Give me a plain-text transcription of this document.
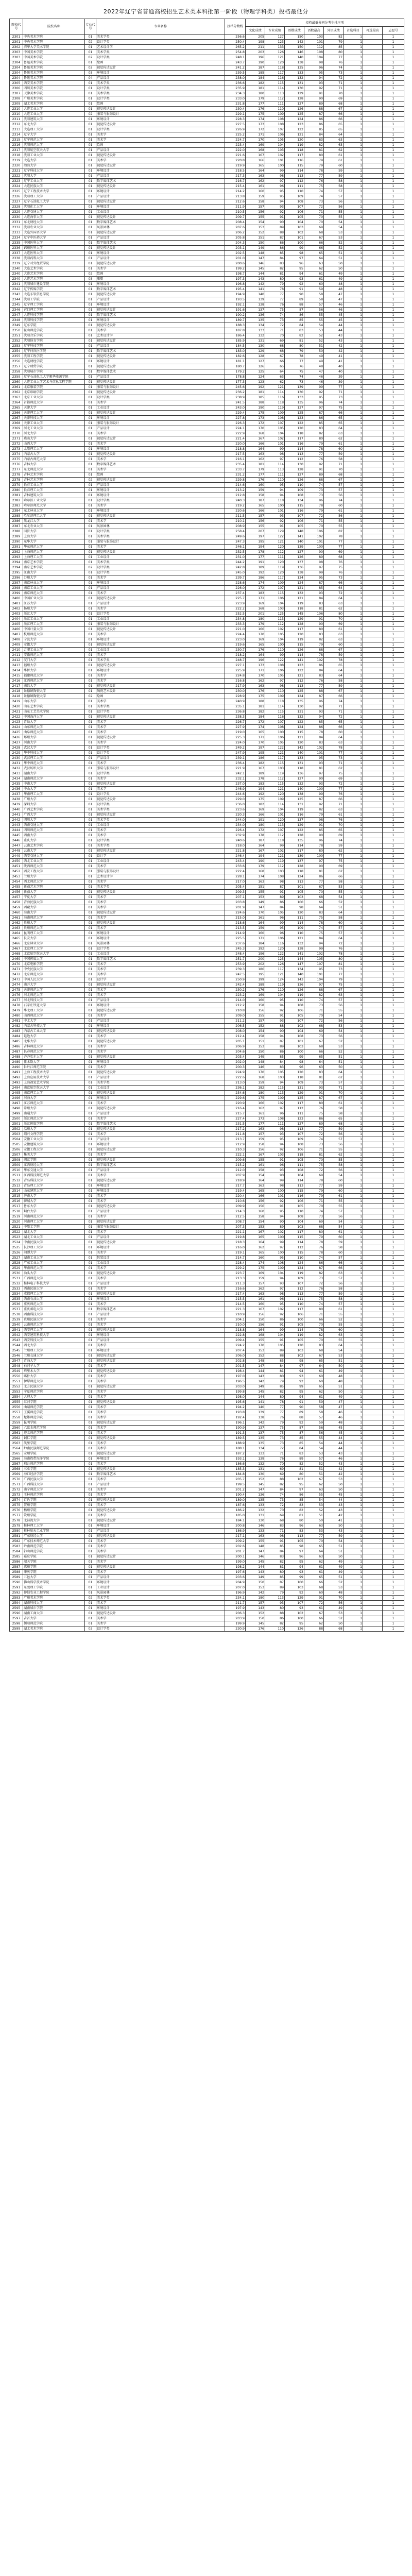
2022年辽宁省普通高校招生艺术类本科批第一阶段（物理学科类）投档最低分
院校代号	院校名称	专业代号	专业名称	投档分数线	投档最低分同分考生排序项							
					文化成绩	专业成绩	语数成绩	语数最高	外语成绩	首选科目	再选最高	志愿号
2301	中央美术学院	01	美术学类	256.6	205	127	150	103	82	1		1
2301	中央美术学院	02	设计学类	250.4	198	123	142	101	79	1		1
2302	清华大学美术学院	01	艺术设计学	265.2	211	133	150	112	85	1		1
2303	中国美术学院	01	美术学类	254.8	203	126	146	108	80	1		1
2303	中国美术学院	02	设计学类	248.1	196	121	140	104	77	1		1
2304	鲁迅美术学院	01	绘画	243.7	190	120	138	98	76	1		1
2304	鲁迅美术学院	02	视觉传达设计	241.2	187	118	135	96	74	1		1
2304	鲁迅美术学院	03	环境设计	239.5	185	117	133	95	73	1		1
2304	鲁迅美术学院	04	产品设计	238.0	184	116	132	94	72	1		1
2305	西安美术学院	01	美术学类	236.6	182	115	131	93	71	1		1
2306	四川美术学院	01	设计学类	235.9	181	114	130	92	71	1		1
2307	天津美术学院	01	美术学类	234.3	180	113	129	91	70	1		1
2308	广州美术学院	01	设计学类	233.0	179	112	128	90	69	1		1
2309	湖北美术学院	01	绘画	231.8	177	111	127	89	68	1		1
2310	大连工业大学	01	视觉传达设计	230.4	176	110	126	88	67	1		1
2310	大连工业大学	02	服装与服饰设计	229.1	175	109	125	87	66	1		1
2311	沈阳建筑大学	01	环境设计	228.3	174	108	124	86	66	1		1
2312	东北大学	01	视觉传达设计	227.5	173	108	123	86	65	1		1
2313	大连理工大学	01	设计学类	226.9	172	107	122	85	65	1		1
2314	辽宁大学	01	美术学	225.2	171	106	121	84	64	1		1
2315	辽宁师范大学	01	美术学	224.7	170	105	120	83	63	1		1
2316	沈阳师范大学	01	绘画	223.4	169	104	119	82	63	1		1
2317	沈阳航空航天大学	01	产品设计	222.0	168	103	118	81	62	1		1
2318	沈阳工业大学	01	视觉传达设计	221.6	167	102	117	80	61	1		1
2319	大连大学	01	美术学	220.8	166	101	116	79	61	1		1
2320	渤海大学	01	视觉传达设计	219.9	165	100	115	79	60	1		1
2321	辽宁科技大学	01	环境设计	218.5	164	99	114	78	59	1		1
2322	沈阳大学	01	产品设计	217.3	163	98	113	77	59	1		1
2323	辽宁工业大学	01	数字媒体艺术	216.7	162	97	112	76	58	1		1
2324	大连民族大学	01	视觉传达设计	215.4	161	96	111	75	58	1		1
2325	辽宁工程技术大学	01	环境设计	214.2	160	95	110	74	57	1		1
2326	沈阳理工大学	01	产品设计	213.8	159	95	109	74	57	1		1
2327	辽宁石油化工大学	01	视觉传达设计	212.6	158	94	108	73	56	1		1
2328	沈阳化工大学	01	环境设计	211.9	157	93	107	72	56	1		1
2329	大连交通大学	01	工业设计	210.5	156	92	106	71	55	1		1
2330	大连海事大学	01	视觉传达设计	209.7	155	91	105	70	55	1		1
2331	东北财经大学	01	数字媒体艺术	208.4	154	90	104	70	54	1		1
2332	沈阳农业大学	01	风景园林	207.6	153	89	103	69	54	1		1
2333	大连外国语大学	01	视觉传达设计	206.2	152	88	102	68	53	1		1
2334	辽宁中医药大学	01	产品设计	205.8	151	87	101	67	53	1		1
2335	中国医科大学	01	数字媒体艺术	204.3	150	86	100	66	52	1		1
2336	锦州医科大学	01	视觉传达设计	203.1	149	86	99	66	52	1		1
2337	大连医科大学	01	环境设计	202.5	148	85	98	65	51	1		1
2338	沈阳药科大学	01	产品设计	201.0	147	84	97	64	51	1		1
2339	辽宁对外经贸学院	01	视觉传达设计	200.6	146	83	96	63	50	1		1
2340	大连艺术学院	01	美术学	199.2	145	82	95	62	50	1		1
2340	大连艺术学院	02	绘画	198.7	144	81	94	61	49	1		1
2340	大连艺术学院	03	雕塑	197.3	143	80	93	61	49	1		1
2341	沈阳城市建设学院	01	环境设计	196.8	142	79	92	60	48	1		1
2342	辽宁传媒学院	01	数字媒体艺术	195.4	141	78	91	59	48	1		1
2343	大连东软信息学院	01	视觉传达设计	194.9	140	77	90	58	47	1		1
2344	沈阳工学院	01	产品设计	193.5	139	77	89	58	47	1		1
2345	辽宁理工学院	01	环境设计	192.1	138	76	88	57	46	1		1
2346	营口理工学院	01	视觉传达设计	191.6	137	75	87	56	46	1		1
2347	大连科技学院	01	数字媒体艺术	190.2	136	74	86	55	45	1		1
2348	沈阳科技学院	01	环境设计	189.7	135	73	85	55	45	1		1
2349	辽东学院	01	视觉传达设计	188.3	134	72	84	54	44	1		1
2350	鞍山师范学院	01	美术学	187.8	133	71	83	53	44	1		1
2351	沈阳音乐学院	01	艺术设计学	186.4	132	70	82	52	43	1		1
2352	沈阳体育学院	01	视觉传达设计	185.9	131	69	81	52	43	1		1
2353	辽宁科技学院	01	产品设计	184.5	130	68	80	51	42	1		1
2354	辽宁何氏医学院	01	数字媒体艺术	183.0	129	68	79	50	42	1		1
2355	沈阳工程学院	01	视觉传达设计	182.6	128	67	78	49	41	1		1
2356	大连财经学院	01	环境设计	181.1	127	66	77	49	41	1		1
2357	辽宁财贸学院	01	视觉传达设计	180.7	126	65	76	48	40	1		1
2358	沈阳城市学院	01	数字媒体艺术	179.2	125	64	75	47	40	1		1
2359	辽宁石油化工大学顺华能源学院	01	产品设计	178.8	124	63	74	46	39	1		1
2360	大连工业大学艺术与信息工程学院	01	视觉传达设计	177.3	123	62	73	46	39	1		1
2361	北京服装学院	01	服装与服饰设计	245.6	192	121	139	99	77	1		1
2362	北京印刷学院	01	视觉传达设计	236.2	181	114	130	92	71	1		1
2363	北京工业大学	01	设计学类	238.9	185	116	133	95	73	1		1
2364	首都师范大学	01	美术学	241.5	188	118	135	96	74	1		1
2365	天津大学	01	工业设计	243.0	190	119	137	97	75	1		1
2366	天津理工大学	01	视觉传达设计	229.4	175	109	125	87	66	1		1
2367	天津科技大学	01	环境设计	227.8	173	108	123	86	65	1		1
2368	天津工业大学	01	服装与服饰设计	226.3	172	107	122	85	65	1		1
2369	河北工业大学	01	产品设计	224.1	170	105	120	83	64	1		1
2370	河北大学	01	美术学	222.9	168	104	118	82	63	1		1
2371	燕山大学	01	视觉传达设计	221.4	167	102	117	80	62	1		1
2372	山西大学	01	美术学	220.0	166	101	116	79	61	1		1
2373	太原理工大学	01	环境设计	218.8	164	99	114	78	60	1		1
2374	内蒙古大学	01	视觉传达设计	217.5	163	98	113	77	59	1		1
2375	内蒙古师范大学	01	美术学	216.1	162	97	112	76	58	1		1
2376	吉林大学	01	数字媒体艺术	235.4	181	114	130	92	71	1		1
2377	东北师范大学	01	美术学	233.7	179	113	128	91	70	1		1
2378	吉林艺术学院	01	绘画	231.2	177	111	127	89	68	1		1
2378	吉林艺术学院	02	视觉传达设计	229.8	176	110	126	88	67	1		1
2379	长春工业大学	01	产品设计	214.6	160	95	110	74	57	1		1
2380	长春理工大学	01	环境设计	213.2	159	94	109	73	57	1		1
2381	吉林建筑大学	01	环境设计	212.8	158	94	108	73	56	1		1
2382	哈尔滨工业大学	01	设计学类	240.3	187	118	134	96	74	1		1
2383	哈尔滨师范大学	01	美术学	219.2	165	100	115	78	60	1		1
2384	东北林业大学	01	环境设计	220.6	166	101	116	79	61	1		1
2385	哈尔滨理工大学	01	视觉传达设计	211.5	157	93	107	72	56	1		1
2386	黑龙江大学	01	美术学	210.1	156	92	106	71	55	1		1
2387	东北农业大学	01	风景园林	208.9	155	91	105	70	55	1		1
2388	同济大学	01	设计学类	258.4	207	129	148	106	82	1		1
2389	上海大学	01	美术学类	249.6	197	122	141	102	78	1		1
2390	东华大学	01	服装与服饰设计	247.3	195	121	140	101	77	1		1
2391	华东师范大学	01	美术学	246.1	194	120	139	100	77	1		1
2392	上海师范大学	01	视觉传达设计	232.5	178	112	127	90	69	1		1
2393	上海理工大学	01	工业设计	231.0	177	111	126	89	68	1		1
2394	南京艺术学院	01	美术学类	244.2	191	120	137	98	76	1		1
2394	南京艺术学院	02	设计学类	242.8	189	119	136	97	75	1		1
2395	江南大学	01	设计学类	245.0	192	120	138	99	76	1		1
2396	苏州大学	01	美术学	239.7	186	117	134	95	73	1		1
2397	南京林业大学	01	环境设计	228.6	174	109	124	87	66	1		1
2398	南京工业大学	01	产品设计	226.0	172	107	121	85	64	1		1
2399	南京师范大学	01	美术学	237.4	183	115	132	93	72	1		1
2400	中国矿业大学	01	视觉传达设计	225.7	171	106	121	84	64	1		1
2401	江苏大学	01	产品设计	223.9	169	104	119	83	63	1		1
2402	扬州大学	01	美术学	222.2	168	103	118	81	62	1		1
2403	浙江大学	01	设计学类	252.5	201	125	145	106	80	1		1
2404	浙江工业大学	01	工业设计	234.8	180	113	129	91	70	1		1
2405	浙江理工大学	01	服装与服饰设计	233.3	179	112	128	90	69	1		1
2406	中国计量大学	01	视觉传达设计	221.0	166	102	117	80	61	1		1
2407	杭州师范大学	01	美术学	224.4	170	105	120	83	63	1		1
2408	宁波大学	01	环境设计	223.0	169	104	119	82	63	1		1
2409	安徽大学	01	视觉传达设计	219.6	165	100	115	79	60	1		1
2410	合肥工业大学	01	工业设计	230.7	176	110	126	88	67	1		1
2411	安徽师范大学	01	美术学	218.2	164	99	114	78	59	1		1
2412	厦门大学	01	美术学类	248.7	196	122	141	102	78	1		1
2413	福州大学	01	视觉传达设计	227.1	173	108	123	86	65	1		1
2414	华侨大学	01	环境设计	225.9	171	106	122	84	64	1		1
2415	福建师范大学	01	美术学	224.8	170	105	121	83	64	1		1
2416	江西师范大学	01	美术学	216.8	162	97	112	76	58	1		1
2417	南昌大学	01	视觉传达设计	217.9	163	98	113	77	59	1		1
2418	景德镇陶瓷大学	01	陶瓷艺术设计	230.0	176	110	125	88	67	1		1
2418	景德镇陶瓷大学	02	绘画	228.9	175	109	124	87	66	1		1
2419	山东大学	01	美术学	240.9	188	118	135	96	74	1		1
2420	山东艺术学院	01	美术学类	235.1	181	114	130	92	71	1		1
2421	山东工艺美术学院	01	设计学类	236.8	182	115	131	93	71	1		1
2422	中国海洋大学	01	视觉传达设计	238.3	184	116	132	94	72	1		1
2423	青岛大学	01	美术学	226.7	172	107	122	85	65	1		1
2424	山东师范大学	01	美术学	227.9	174	108	124	86	66	1		1
2425	曲阜师范大学	01	美术学	219.0	165	100	115	78	60	1		1
2426	郑州大学	01	视觉传达设计	225.3	171	106	121	84	64	1		1
2427	河南大学	01	美术学	224.0	170	105	120	83	63	1		1
2428	武汉大学	01	设计学类	249.2	197	122	142	102	78	1		1
2429	华中科技大学	01	设计学类	247.9	195	121	140	101	77	1		1
2430	武汉理工大学	01	产品设计	239.1	186	117	133	95	73	1		1
2431	华中师范大学	01	美术学	236.4	182	115	131	93	71	1		1
2432	武汉纺织大学	01	服装与服饰设计	221.9	167	103	118	81	62	1		1
2433	湖南大学	01	设计学类	242.1	189	119	136	97	75	1		1
2434	湖南师范大学	01	美术学	232.1	178	112	127	90	69	1		1
2435	中南大学	01	视觉传达设计	237.0	183	115	132	93	72	1		1
2436	中山大学	01	美术学	246.9	194	121	140	100	77	1		1
2437	华南理工大学	01	设计学类	244.6	192	120	138	99	76	1		1
2438	广州大学	01	视觉传达设计	229.0	175	109	125	87	66	1		1
2439	深圳大学	01	设计学类	236.0	182	114	131	92	71	1		1
2440	广西艺术学院	01	美术学类	223.6	169	104	119	82	63	1		1
2441	广西大学	01	视觉传达设计	220.3	166	101	116	79	61	1		1
2442	四川大学	01	美术学类	244.0	191	120	137	98	76	1		1
2443	西南交通大学	01	工业设计	234.0	180	113	129	91	70	1		1
2444	四川师范大学	01	美术学	226.4	172	107	122	85	65	1		1
2445	西南大学	01	美术学	232.9	178	112	128	90	69	1		1
2446	重庆大学	01	设计学类	240.6	187	118	135	96	74	1		1
2447	云南艺术学院	01	美术学类	218.0	164	99	114	78	59	1		1
2448	云南大学	01	视觉传达设计	221.8	167	102	117	80	62	1		1
2449	西安交通大学	01	设计学	246.4	194	121	139	100	77	1		1
2450	西北工业大学	01	工业设计	243.4	190	119	137	97	75	1		1
2451	陕西师范大学	01	美术学	233.6	179	112	128	90	69	1		1
2452	西安工程大学	01	服装与服饰设计	222.4	168	103	118	81	62	1		1
2453	兰州大学	01	艺术设计学	228.1	174	108	124	86	66	1		1
2454	西北师范大学	01	美术学	217.0	163	98	113	77	58	1		1
2455	新疆艺术学院	01	美术学类	205.4	151	87	101	67	53	1		1
2456	新疆大学	01	视觉传达设计	209.3	155	91	105	70	55	1		1
2457	宁夏大学	01	美术学	207.1	153	89	103	68	54	1		1
2458	青海民族大学	01	美术学	203.8	149	86	100	66	52	1		1
2459	西藏大学	01	美术学	201.9	147	84	98	64	51	1		1
2460	海南大学	01	视觉传达设计	224.6	170	105	120	83	64	1		1
2461	海南师范大学	01	美术学	215.0	161	96	111	75	58	1		1
2462	贵州大学	01	视觉传达设计	218.6	164	99	114	78	60	1		1
2463	贵州师范大学	01	美术学	213.5	159	95	109	74	57	1		1
2464	昆明理工大学	01	环境设计	214.9	160	96	110	75	57	1		1
2465	长安大学	01	环境设计	225.5	171	106	121	84	64	1		1
2466	北京林业大学	01	风景园林	237.6	184	116	132	94	72	1		1
2467	北京理工大学	01	设计学类	245.3	192	120	138	99	76	1		1
2468	北京航空航天大学	01	工业设计	248.4	196	122	141	102	78	1		1
2469	中国传媒大学	01	数字媒体艺术	251.7	200	125	144	105	80	1		1
2470	北京电影学院	01	美术学	253.9	202	126	147	107	81	1		1
2471	中央民族大学	01	美术学	239.3	186	117	134	95	73	1		1
2472	北京师范大学	01	美术学	247.5	195	121	140	101	77	1		1
2473	中国人民大学	01	设计学	250.9	199	124	143	104	79	1		1
2474	南开大学	01	视觉传达设计	242.4	189	119	136	97	75	1		1
2475	天津师范大学	01	美术学	230.2	176	110	126	88	67	1		1
2476	河北师范大学	01	美术学	223.2	169	104	119	82	63	1		1
2477	河北科技大学	01	产品设计	214.0	160	95	110	74	57	1		1
2478	石家庄铁道大学	01	环境设计	212.2	158	94	108	73	56	1		1
2479	华北理工大学	01	视觉传达设计	210.8	156	92	106	71	55	1		1
2480	山西师范大学	01	美术学	209.0	155	91	105	70	54	1		1
2481	中北大学	01	产品设计	211.2	157	93	107	72	56	1		1
2482	内蒙古科技大学	01	环境设计	206.5	152	88	102	68	53	1		1
2483	内蒙古工业大学	01	视觉传达设计	208.0	154	90	104	69	54	1		1
2484	延边大学	01	美术学	212.4	158	94	108	73	56	1		1
2485	北华大学	01	视觉传达设计	205.1	151	87	101	67	52	1		1
2486	吉林师范大学	01	美术学	206.9	153	89	103	68	53	1		1
2487	长春师范大学	01	美术学	204.6	150	86	100	66	52	1		1
2488	齐齐哈尔大学	01	视觉传达设计	203.4	149	85	99	65	51	1		1
2489	佳木斯大学	01	环境设计	202.0	148	84	98	64	51	1		1
2490	牡丹江师范学院	01	美术学	200.3	146	83	96	63	50	1		1
2491	上海工程技术大学	01	视觉传达设计	224.9	170	105	120	83	64	1		1
2492	上海应用技术大学	01	产品设计	222.6	168	103	118	81	62	1		1
2493	上海视觉艺术学院	01	美术学类	213.0	159	94	109	73	57	1		1
2494	南京航空航天大学	01	工业设计	236.1	182	115	131	93	71	1		1
2495	南京理工大学	01	视觉传达设计	234.6	180	113	129	91	70	1		1
2496	河海大学	01	环境设计	229.6	175	109	125	87	67	1		1
2497	江苏师范大学	01	美术学	220.9	166	102	117	80	61	1		1
2498	常州大学	01	视觉传达设计	216.4	162	97	112	76	58	1		1
2499	南通大学	01	产品设计	215.7	161	96	111	75	58	1		1
2500	浙江师范大学	01	美术学	227.4	173	108	123	86	65	1		1
2501	浙江传媒学院	01	数字媒体艺术	231.5	177	111	127	89	68	1		1
2502	温州大学	01	视觉传达设计	217.2	163	98	113	77	59	1		1
2503	绍兴文理学院	01	美术学	211.8	157	93	107	72	56	1		1
2504	安徽工业大学	01	产品设计	213.7	159	95	109	74	57	1		1
2505	安徽建筑大学	01	环境设计	212.9	158	94	108	73	56	1		1
2506	安徽工程大学	01	视觉传达设计	210.3	156	92	106	71	55	1		1
2507	集美大学	01	美术学	222.1	167	103	118	81	62	1		1
2508	闽江学院	01	视觉传达设计	209.6	155	91	105	70	55	1		1
2509	江西财经大学	01	数字媒体艺术	215.2	161	96	111	75	58	1		1
2510	华东交通大学	01	产品设计	212.0	158	93	108	72	56	1		1
2511	江西科技师范大学	01	美术学	207.9	154	90	104	69	54	1		1
2512	青岛科技大学	01	视觉传达设计	218.9	164	99	114	78	60	1		1
2513	青岛理工大学	01	环境设计	217.7	163	98	113	77	59	1		1
2514	山东建筑大学	01	环境设计	219.4	165	100	115	79	60	1		1
2515	济南大学	01	美术学	220.4	166	101	116	79	61	1		1
2516	聊城大学	01	美术学	210.6	156	92	106	71	55	1		1
2517	鲁东大学	01	视觉传达设计	209.9	156	91	105	70	55	1		1
2518	烟台大学	01	产品设计	214.3	160	95	110	74	57	1		1
2519	河南师范大学	01	美术学	212.5	158	94	108	73	56	1		1
2520	河南理工大学	01	视觉传达设计	208.7	154	90	104	69	54	1		1
2521	中原工学院	01	服装与服饰设计	207.3	153	89	103	68	54	1		1
2522	湖北大学	01	美术学	221.1	167	102	117	80	61	1		1
2523	湖北工业大学	01	产品设计	219.8	165	100	115	79	60	1		1
2524	中南民族大学	01	视觉传达设计	218.3	164	99	114	78	59	1		1
2525	长沙理工大学	01	环境设计	216.0	162	97	112	76	58	1		1
2526	湘潭大学	01	美术学	219.1	165	100	115	78	60	1		1
2527	湖南工业大学	01	包装设计	214.7	160	95	110	74	57	1		1
2528	广东工业大学	01	工业设计	228.4	174	108	124	86	66	1		1
2529	华南师范大学	01	美术学	229.2	175	109	124	87	66	1		1
2530	汕头大学	01	视觉传达设计	223.7	169	104	119	82	63	1		1
2531	广西师范大学	01	美术学	213.3	159	94	109	73	57	1		1
2532	桂林电子科技大学	01	产品设计	211.3	157	93	107	72	56	1		1
2533	西南民族大学	01	美术学	216.6	162	97	112	76	58	1		1
2534	成都理工大学	01	视觉传达设计	217.4	163	98	113	77	59	1		1
2535	西南石油大学	01	环境设计	215.5	161	96	111	75	58	1		1
2536	重庆师范大学	01	美术学	214.5	160	95	110	74	57	1		1
2537	重庆邮电大学	01	数字媒体艺术	221.3	167	102	117	80	61	1		1
2538	西南科技大学	01	产品设计	210.9	156	92	106	71	55	1		1
2539	贵州民族大学	01	美术学	204.1	150	86	100	66	52	1		1
2540	云南师范大学	01	美术学	210.0	156	91	105	70	55	1		1
2541	西安理工大学	01	视觉传达设计	218.8	164	99	114	78	60	1		1
2542	西安建筑科技大学	01	环境设计	222.8	168	104	119	82	63	1		1
2543	西安科技大学	01	产品设计	209.4	155	91	105	70	55	1		1
2544	西北大学	01	美术学	224.2	170	105	120	83	64	1		1
2545	兰州理工大学	01	环境设计	207.4	153	89	103	68	54	1		1
2546	兰州交通大学	01	视觉传达设计	206.0	152	88	102	67	53	1		1
2547	青海大学	01	视觉传达设计	202.8	148	85	98	65	51	1		1
2548	石河子大学	01	美术学	201.5	147	84	97	64	50	1		1
2549	塔里木大学	01	视觉传达设计	198.4	144	81	94	61	49	1		1
2550	喀什大学	01	美术学	197.0	143	80	93	60	48	1		1
2551	伊犁师范大学	01	美术学	196.5	142	79	92	60	48	1		1
2552	北方民族大学	01	视觉传达设计	203.0	149	85	99	65	51	1		1
2553	宁夏师范学院	01	美术学	199.8	145	82	95	62	50	1		1
2554	大理大学	01	美术学	198.0	144	80	94	61	49	1		1
2555	红河学院	01	视觉传达设计	195.6	141	78	91	59	47	1		1
2556	曲靖师范学院	01	美术学	194.2	140	77	90	58	47	1		1
2557	玉溪师范学院	01	美术学	193.8	139	77	89	58	46	1		1
2558	楚雄师范学院	01	美术学	192.4	138	76	88	57	46	1		1
2559	昆明学院	01	视觉传达设计	196.1	142	79	92	59	48	1		1
2560	六盘水师范学院	01	美术学	190.9	137	75	87	56	45	1		1
2561	遵义师范学院	01	美术学	191.3	137	75	87	56	45	1		1
2562	铜仁学院	01	视觉传达设计	189.5	135	73	85	55	44	1		1
2563	凯里学院	01	美术学	188.9	135	73	85	54	44	1		1
2564	黔南民族师范学院	01	美术学	188.1	134	72	84	54	44	1		1
2565	安顺学院	01	视觉传达设计	187.2	133	71	83	53	43	1		1
2566	海南热带海洋学院	01	环境设计	193.1	139	76	89	57	46	1		1
2567	琼台师范学院	01	美术学	186.6	132	70	82	52	43	1		1
2568	三亚学院	01	视觉传达设计	185.3	131	69	81	51	42	1		1
2569	海口经济学院	01	数字媒体艺术	184.8	130	69	80	51	42	1		1
2570	广西民族大学	01	美术学	205.7	152	88	102	67	53	1		1
2571	广西科技大学	01	产品设计	199.5	145	82	95	62	50	1		1
2572	南宁师范大学	01	美术学	201.2	147	84	97	63	50	1		1
2573	玉林师范学院	01	美术学	190.4	136	74	86	55	45	1		1
2574	百色学院	01	视觉传达设计	189.0	135	73	85	54	44	1		1
2575	贺州学院	01	美术学	187.6	133	72	83	53	43	1		1
2576	梧州学院	01	视觉传达设计	186.2	132	70	82	52	43	1		1
2577	钦州学院	01	美术学	185.0	131	69	81	51	42	1		1
2578	北部湾大学	01	视觉传达设计	184.1	130	68	80	50	41	1		1
2579	桂林理工大学	01	环境设计	200.8	146	83	96	63	50	1		1
2580	桂林航天工业学院	01	产品设计	186.9	133	71	83	53	43	1		1
2581	广东财经大学	01	视觉传达设计	217.1	163	98	113	77	59	1		1
2582	广东技术师范大学	01	美术学	209.2	155	91	105	70	54	1		1
2583	岭南师范学院	01	美术学	202.6	148	85	98	65	51	1		1
2584	韩山师范学院	01	美术学	201.7	147	84	97	64	51	1		1
2585	嘉应学院	01	视觉传达设计	200.1	146	83	96	63	50	1		1
2586	韶关学院	01	美术学	199.0	145	82	95	62	49	1		1
2587	惠州学院	01	视觉传达设计	198.2	144	81	94	61	49	1		1
2588	肇庆学院	01	美术学	197.6	143	80	93	61	49	1		1
2589	五邑大学	01	产品设计	203.6	149	85	99	65	51	1		1
2590	佛山科学技术学院	01	环境设计	204.9	150	87	100	66	52	1		1
2591	东莞理工学院	01	工业设计	207.0	153	89	103	68	53	1		1
2592	仲恺农业工程学院	01	风景园林	196.9	142	79	92	60	48	1		1
2593	广州美术学院	02	美术学类	234.1	180	113	129	91	70	1		1
2594	湖南科技大学	01	美术学	211.7	157	93	107	72	56	1		1
2595	湖南城市学院	01	环境设计	197.9	143	80	93	61	49	1		1
2596	湖南工商大学	01	视觉传达设计	206.3	152	88	102	67	53	1		1
2597	吉首大学	01	美术学	203.9	150	86	100	66	52	1		1
2598	衡阳师范学院	01	美术学	199.9	145	82	95	62	50	1		1
2599	湖北美术学院	02	设计学类	230.9	176	110	126	88	68	1		1
